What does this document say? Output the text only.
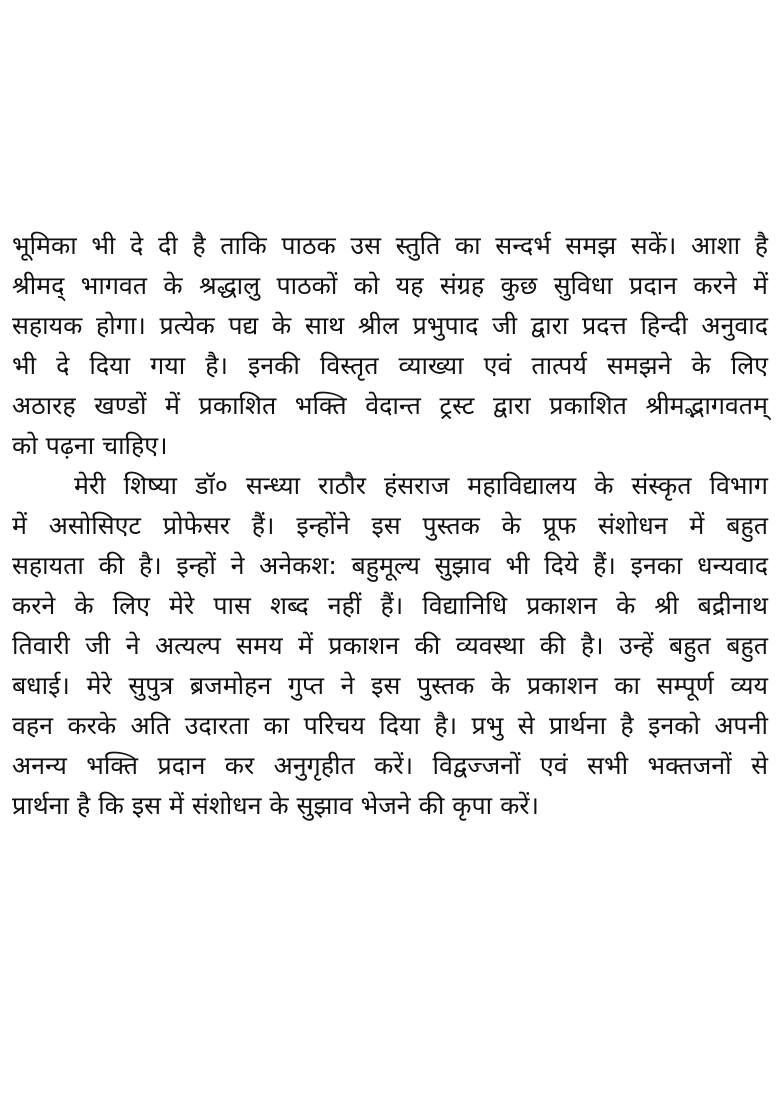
भूमिका भी दे दी है ताकि पाठक उस स्तुति का सन्दर्भ समझ सकें। आशा है
श्रीमद् भागवत के श्रद्धालु पाठकों को यह संग्रह कुछ सुविधा प्रदान करने में
सहायक होगा। प्रत्येक पद्य के साथ श्रील प्रभुपाद जी द्वारा प्रदत्त हिन्दी अनुवाद
भी दे दिया गया है। इनकी विस्तृत व्याख्या एवं तात्पर्य समझने के लिए
अठारह खण्डों में प्रकाशित भक्ति वेदान्त ट्रस्ट द्वारा प्रकाशित श्रीमद्भागवतम्
को पढ़ना चाहिए।
मेरी शिष्या डॉ० सन्ध्या राठौर हंसराज महाविद्यालय के संस्कृत विभाग
में असोसिएट प्रोफेसर हैं। इन्होंने इस पुस्तक के प्रूफ संशोधन में बहुत
सहायता की है। इन्हों ने अनेकश: बहुमूल्य सुझाव भी दिये हैं। इनका धन्यवाद
करने के लिए मेरे पास शब्द नहीं हैं। विद्यानिधि प्रकाशन के श्री बद्रीनाथ
तिवारी जी ने अत्यल्प समय में प्रकाशन की व्यवस्था की है। उन्हें बहुत बहुत
बधाई। मेरे सुपुत्र ब्रजमोहन गुप्त ने इस पुस्तक के प्रकाशन का सम्पूर्ण व्यय
वहन करके अति उदारता का परिचय दिया है। प्रभु से प्रार्थना है इनको अपनी
अनन्य भक्ति प्रदान कर अनुगृहीत करें। विद्वज्जनों एवं सभी भक्तजनों से
प्रार्थना है कि इस में संशोधन के सुझाव भेजने की कृपा करें।
